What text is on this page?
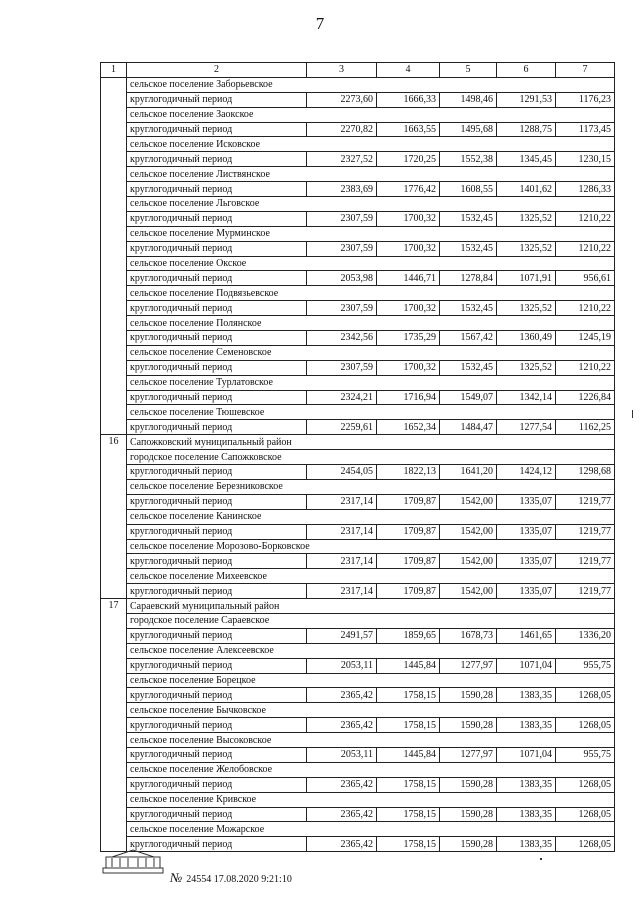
7
1	2	3	4	5	6	7
	сельское поселение Заборьевское					
	круглогодичный период	2273,60	1666,33	1498,46	1291,53	1176,23
	сельское поселение Заокское					
	круглогодичный период	2270,82	1663,55	1495,68	1288,75	1173,45
	сельское поселение Исковское					
	круглогодичный период	2327,52	1720,25	1552,38	1345,45	1230,15
	сельское поселение Листвянское					
	круглогодичный период	2383,69	1776,42	1608,55	1401,62	1286,33
	сельское поселение Льговское					
	круглогодичный период	2307,59	1700,32	1532,45	1325,52	1210,22
	сельское поселение Мурминское					
	круглогодичный период	2307,59	1700,32	1532,45	1325,52	1210,22
	сельское поселение Окское					
	круглогодичный период	2053,98	1446,71	1278,84	1071,91	956,61
	сельское поселение Подвязьевское					
	круглогодичный период	2307,59	1700,32	1532,45	1325,52	1210,22
	сельское поселение Полянское					
	круглогодичный период	2342,56	1735,29	1567,42	1360,49	1245,19
	сельское поселение Семеновское					
	круглогодичный период	2307,59	1700,32	1532,45	1325,52	1210,22
	сельское поселение Турлатовское					
	круглогодичный период	2324,21	1716,94	1549,07	1342,14	1226,84
	сельское поселение Тюшевское					
	круглогодичный период	2259,61	1652,34	1484,47	1277,54	1162,25
16	Сапожковский муниципальный район					
	городское поселение Сапожковское					
	круглогодичный период	2454,05	1822,13	1641,20	1424,12	1298,68
	сельское поселение Березниковское					
	круглогодичный период	2317,14	1709,87	1542,00	1335,07	1219,77
	сельское поселение Канинское					
	круглогодичный период	2317,14	1709,87	1542,00	1335,07	1219,77
	сельское поселение Морозово-Борковское					
	круглогодичный период	2317,14	1709,87	1542,00	1335,07	1219,77
	сельское поселение Михеевское					
	круглогодичный период	2317,14	1709,87	1542,00	1335,07	1219,77
17	Сараевский муниципальный район					
	городское поселение Сараевское					
	круглогодичный период	2491,57	1859,65	1678,73	1461,65	1336,20
	сельское поселение Алексеевское					
	круглогодичный период	2053,11	1445,84	1277,97	1071,04	955,75
	сельское поселение Борецкое					
	круглогодичный период	2365,42	1758,15	1590,28	1383,35	1268,05
	сельское поселение Бычковское					
	круглогодичный период	2365,42	1758,15	1590,28	1383,35	1268,05
	сельское поселение Высоковское					
	круглогодичный период	2053,11	1445,84	1277,97	1071,04	955,75
	сельское поселение Желобовское					
	круглогодичный период	2365,42	1758,15	1590,28	1383,35	1268,05
	сельское поселение Кривское					
	круглогодичный период	2365,42	1758,15	1590,28	1383,35	1268,05
	сельское поселение Можарское					
	круглогодичный период	2365,42	1758,15	1590,28	1383,35	1268,05
№ 24554 17.08.2020 9:21:10
